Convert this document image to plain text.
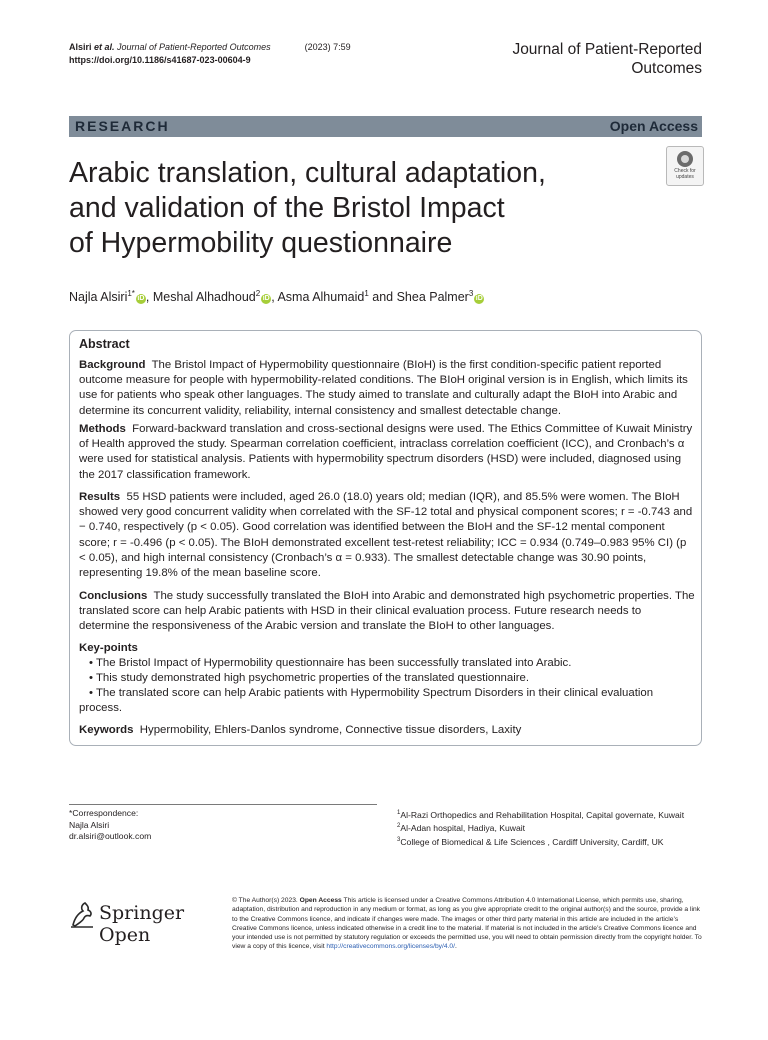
Alsiri et al. Journal of Patient-Reported Outcomes	(2023) 7:59
https://doi.org/10.1186/s41687-023-00604-9
Journal of Patient-Reported
Outcomes
RESEARCH	Open Access
Check for
updates
Arabic translation, cultural adaptation,
and validation of the Bristol Impact
of Hypermobility questionnaire
Najla Alsiri$^{1*}$iD , Meshal Alhadhoud$^2$iD , Asma Alhumaid$^1$ and Shea Palmer$^3$iD
Abstract
Background The Bristol Impact of Hypermobility questionnaire (BIoH) is the first condition-specific patient reported outcome measure for people with hypermobility-related conditions. The BIoH original version is in English, which limits its use for patients who speak other languages. The study aimed to translate and culturally adapt the BIoH into Arabic and determine its concurrent validity, reliability, internal consistency and smallest detectable change.
Methods Forward-backward translation and cross-sectional designs were used. The Ethics Committee of Kuwait Ministry of Health approved the study. Spearman correlation coefficient, intraclass correlation coefficient (ICC), and Cronbach’s α were used for statistical analysis. Patients with hypermobility spectrum disorders (HSD) were included, diagnosed using the 2017 classification framework.
Results 55 HSD patients were included, aged 26.0 (18.0) years old; median (IQR), and 85.5% were women. The BIoH showed very good concurrent validity when correlated with the SF-12 total and physical component scores; r = -0.743 and − 0.740, respectively (p < 0.05). Good correlation was identified between the BIoH and the SF-12 mental component score; r = -0.496 (p < 0.05). The BIoH demonstrated excellent test-retest reliability; ICC = 0.934 (0.749–0.983 95% CI) (p < 0.05), and high internal consistency (Cronbach’s α = 0.933). The smallest detectable change was 30.90 points, representing 19.8% of the mean baseline score.
Conclusions The study successfully translated the BIoH into Arabic and demonstrated high psychometric properties. The translated score can help Arabic patients with HSD in their clinical evaluation process. Future research needs to determine the responsiveness of the Arabic version and translate the BIoH to other languages.
Key-points
• The Bristol Impact of Hypermobility questionnaire has been successfully translated into Arabic.
• This study demonstrated high psychometric properties of the translated questionnaire.
• The translated score can help Arabic patients with Hypermobility Spectrum Disorders in their clinical evaluation process.
Keywords Hypermobility, Ehlers-Danlos syndrome, Connective tissue disorders, Laxity
*Correspondence:
Najla Alsiri
dr.alsiri@outlook.com
$^1$Al-Razi Orthopedics and Rehabilitation Hospital, Capital governate, Kuwait
$^2$Al-Adan hospital, Hadiya, Kuwait
$^3$College of Biomedical & Life Sciences , Cardiff University, Cardiff, UK
Springer Open
© The Author(s) 2023. Open Access This article is licensed under a Creative Commons Attribution 4.0 International License, which permits use, sharing, adaptation, distribution and reproduction in any medium or format, as long as you give appropriate credit to the original author(s) and the source, provide a link to the Creative Commons licence, and indicate if changes were made. The images or other third party material in this article are included in the article’s Creative Commons licence, unless indicated otherwise in a credit line to the material. If material is not included in the article’s Creative Commons licence and your intended use is not permitted by statutory regulation or exceeds the permitted use, you will need to obtain permission directly from the copyright holder. To view a copy of this licence, visit http://creativecommons.org/licenses/by/4.0/.
